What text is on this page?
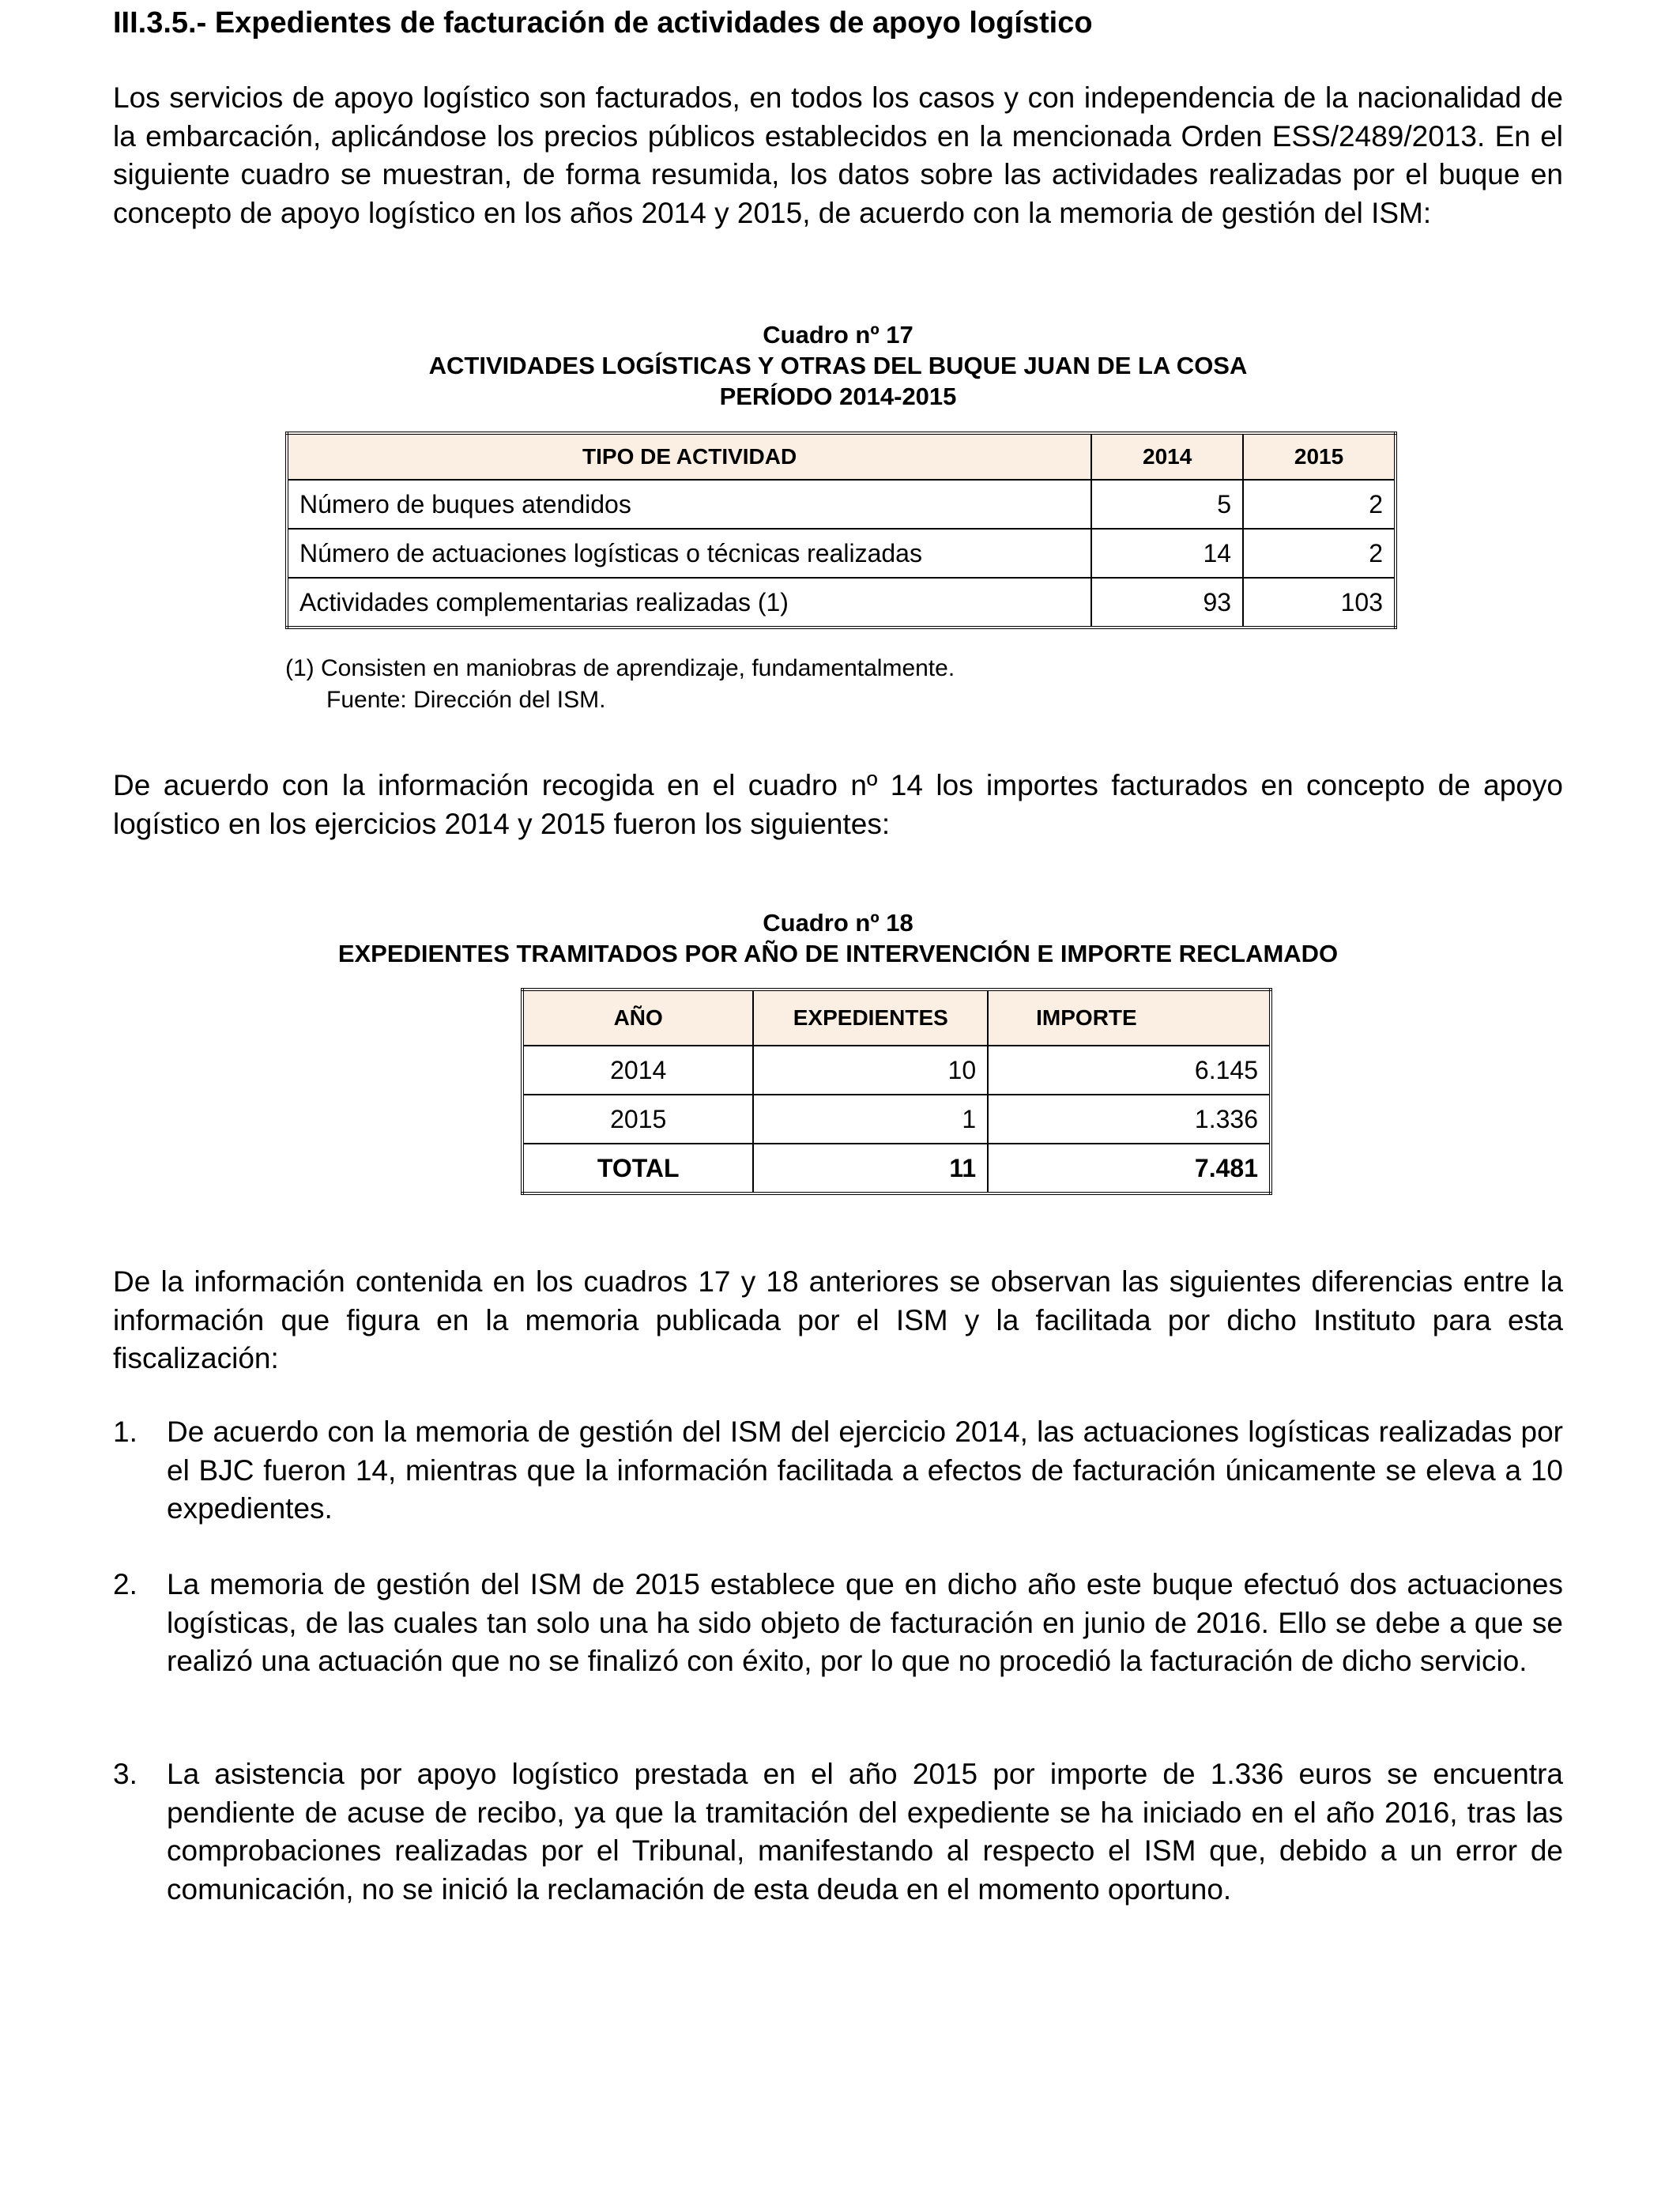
III.3.5.- Expedientes de facturación de actividades de apoyo logístico
Los servicios de apoyo logístico son facturados, en todos los casos y con independencia de la nacionalidad de la embarcación, aplicándose los precios públicos establecidos en la mencionada Orden ESS/2489/2013. En el siguiente cuadro se muestran, de forma resumida, los datos sobre las actividades realizadas por el buque en concepto de apoyo logístico en los años 2014 y 2015, de acuerdo con la memoria de gestión del ISM:
Cuadro nº 17
ACTIVIDADES LOGÍSTICAS Y OTRAS DEL BUQUE JUAN DE LA COSA
PERÍODO 2014-2015
TIPO DE ACTIVIDAD	2014	2015
Número de buques atendidos	5	2
Número de actuaciones logísticas o técnicas realizadas	14	2
Actividades complementarias realizadas (1)	93	103
(1) Consisten en maniobras de aprendizaje, fundamentalmente.
Fuente: Dirección del ISM.
De acuerdo con la información recogida en el cuadro nº 14 los importes facturados en concepto de apoyo logístico en los ejercicios 2014 y 2015 fueron los siguientes:
Cuadro nº 18
EXPEDIENTES TRAMITADOS POR AÑO DE INTERVENCIÓN E IMPORTE RECLAMADO
AÑO	EXPEDIENTES	IMPORTE
2014	10	6.145
2015	1	1.336
TOTAL	11	7.481
De la información contenida en los cuadros 17 y 18 anteriores se observan las siguientes diferencias entre la información que figura en la memoria publicada por el ISM y la facilitada por dicho Instituto para esta fiscalización:
1. De acuerdo con la memoria de gestión del ISM del ejercicio 2014, las actuaciones logísticas realizadas por el BJC fueron 14, mientras que la información facilitada a efectos de facturación únicamente se eleva a 10 expedientes.
2. La memoria de gestión del ISM de 2015 establece que en dicho año este buque efectuó dos actuaciones logísticas, de las cuales tan solo una ha sido objeto de facturación en junio de 2016. Ello se debe a que se realizó una actuación que no se finalizó con éxito, por lo que no procedió la facturación de dicho servicio.
3. La asistencia por apoyo logístico prestada en el año 2015 por importe de 1.336 euros se encuentra pendiente de acuse de recibo, ya que la tramitación del expediente se ha iniciado en el año 2016, tras las comprobaciones realizadas por el Tribunal, manifestando al respecto el ISM que, debido a un error de comunicación, no se inició la reclamación de esta deuda en el momento oportuno.
